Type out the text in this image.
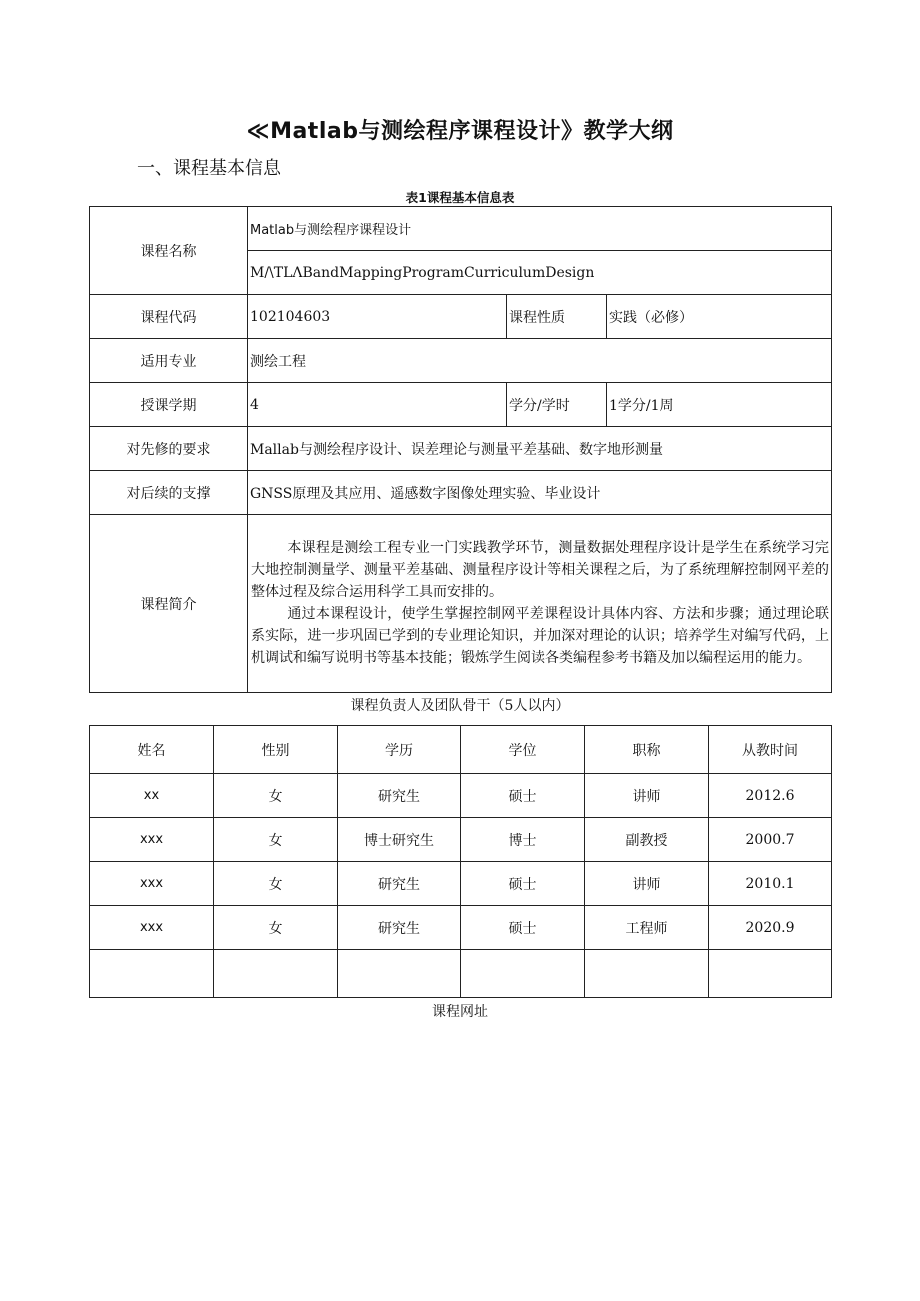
≪Matlab与测绘程序课程设计》教学大纲
一、课程基本信息
表1课程基本信息表
课程名称	Matlab与测绘程序课程设计		
	M/\TLΛBandMappingProgramCurriculumDesign		
课程代码	102104603	课程性质	实践（必修）
适用专业	测绘工程		
授课学期	4	学分/学时	1学分/1周
对先修的要求	Mallab与测绘程序设计、误差理论与测量平差基础、数字地形测量		
对后续的支撑	GNSS原理及其应用、遥感数字图像处理实验、毕业设计		
课程简介	本课程是测绘工程专业一门实践教学环节，测量数据处理程序设计是学生在系统学习完大地控制测量学、测量平差基础、测量程序设计等相关课程之后，为了系统理解控制网平差的整体过程及综合运用科学工具而安排的。

通过本课程设计，使学生掌握控制网平差课程设计具体内容、方法和步骤；通过理论联系实际，进一步巩固已学到的专业理论知识，并加深对理论的认识；培养学生对编写代码，上机调试和编写说明书等基本技能；锻炼学生阅读各类编程参考书籍及加以编程运用的能力。		

课程负责人及团队骨干（5人以内）
姓名	性别	学历	学位	职称	从教时间
xx	女	研究生	硕士	讲师	2012.6
xxx	女	博士研究生	博士	副教授	2000.7
xxx	女	研究生	硕士	讲师	2010.1
xxx	女	研究生	硕士	工程师	2020.9

课程网址
